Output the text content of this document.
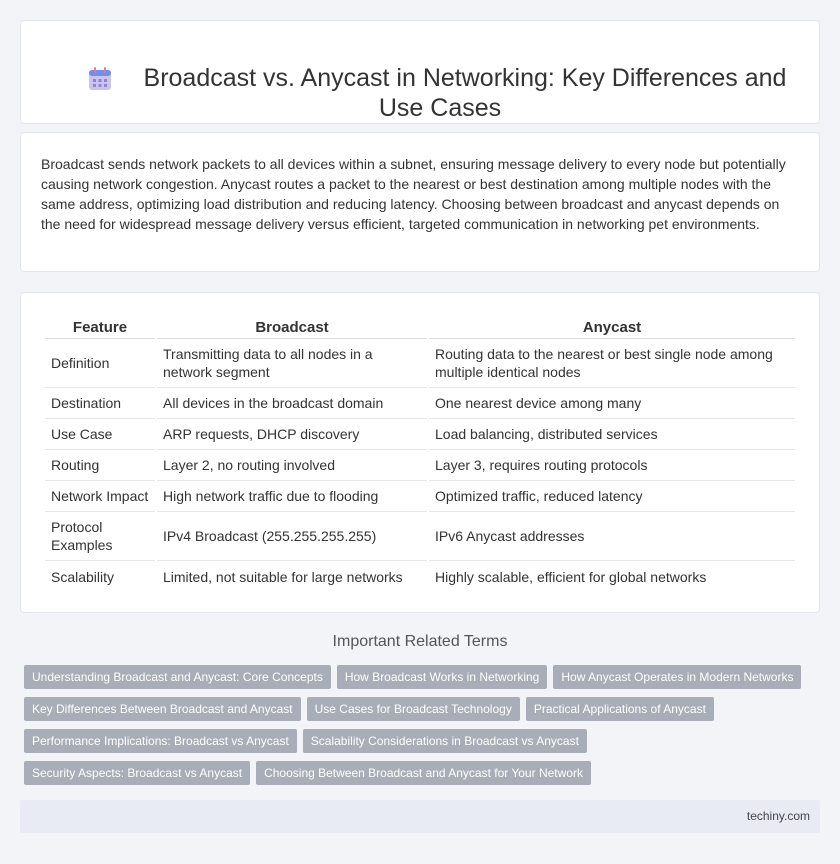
Broadcast vs. Anycast in Networking: Key Differences and Use Cases

Broadcast sends network packets to all devices within a subnet, ensuring message delivery to every node but potentially causing network congestion. Anycast routes a packet to the nearest or best destination among multiple nodes with the same address, optimizing load distribution and reducing latency. Choosing between broadcast and anycast depends on the need for widespread message delivery versus efficient, targeted communication in networking pet environments.

Feature	Broadcast	Anycast
Definition	Transmitting data to all nodes in a network segment	Routing data to the nearest or best single node among multiple identical nodes
Destination	All devices in the broadcast domain	One nearest device among many
Use Case	ARP requests, DHCP discovery	Load balancing, distributed services
Routing	Layer 2, no routing involved	Layer 3, requires routing protocols
Network Impact	High network traffic due to flooding	Optimized traffic, reduced latency
Protocol Examples	IPv4 Broadcast (255.255.255.255)	IPv6 Anycast addresses
Scalability	Limited, not suitable for large networks	Highly scalable, efficient for global networks
Important Related Terms
Understanding Broadcast and Anycast: Core Concepts How Broadcast Works in Networking How Anycast Operates in Modern Networks
Key Differences Between Broadcast and Anycast Use Cases for Broadcast Technology Practical Applications of Anycast
Performance Implications: Broadcast vs Anycast Scalability Considerations in Broadcast vs Anycast
Security Aspects: Broadcast vs Anycast Choosing Between Broadcast and Anycast for Your Network
techiny.com
